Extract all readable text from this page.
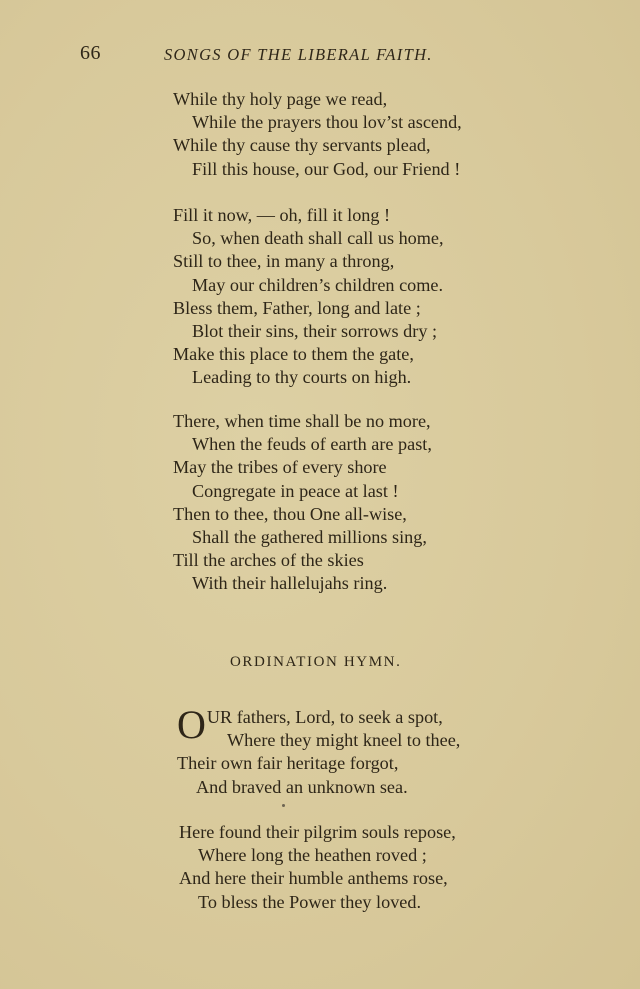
66	SONGS OF THE LIBERAL FAITH.
While thy holy page we read,
While the prayers thou lov’st ascend,
While thy cause thy servants plead,
Fill this house, our God, our Friend !
Fill it now, — oh, fill it long !
So, when death shall call us home,
Still to thee, in many a throng,
May our children’s children come.
Bless them, Father, long and late ;
Blot their sins, their sorrows dry ;
Make this place to them the gate,
Leading to thy courts on high.
There, when time shall be no more,
When the feuds of earth are past,
May the tribes of every shore
Congregate in peace at last !
Then to thee, thou One all-wise,
Shall the gathered millions sing,
Till the arches of the skies
With their hallelujahs ring.
ORDINATION HYMN.
OUR fathers, Lord, to seek a spot,
Where they might kneel to thee,
Their own fair heritage forgot,
And braved an unknown sea.
Here found their pilgrim souls repose,
Where long the heathen roved ;
And here their humble anthems rose,
To bless the Power they loved.
